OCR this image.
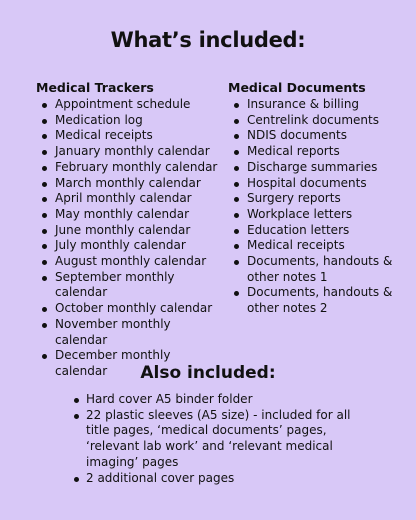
What’s included:
Medical Trackers
Appointment schedule
Medication log
Medical receipts
January monthly calendar
February monthly calendar
March monthly calendar
April monthly calendar
May monthly calendar
June monthly calendar
July monthly calendar
August monthly calendar
September monthly calendar
October monthly calendar
November monthly calendar
December monthly calendar
Medical Documents
Insurance & billing
Centrelink documents
NDIS documents
Medical reports
Discharge summaries
Hospital documents
Surgery reports
Workplace letters
Education letters
Medical receipts
Documents, handouts & other notes 1
Documents, handouts & other notes 2
Also included:
Hard cover A5 binder folder
22 plastic sleeves (A5 size) - included for all title pages, ‘medical documents’ pages, ‘relevant lab work’ and ‘relevant medical imaging’ pages
2 additional cover pages
